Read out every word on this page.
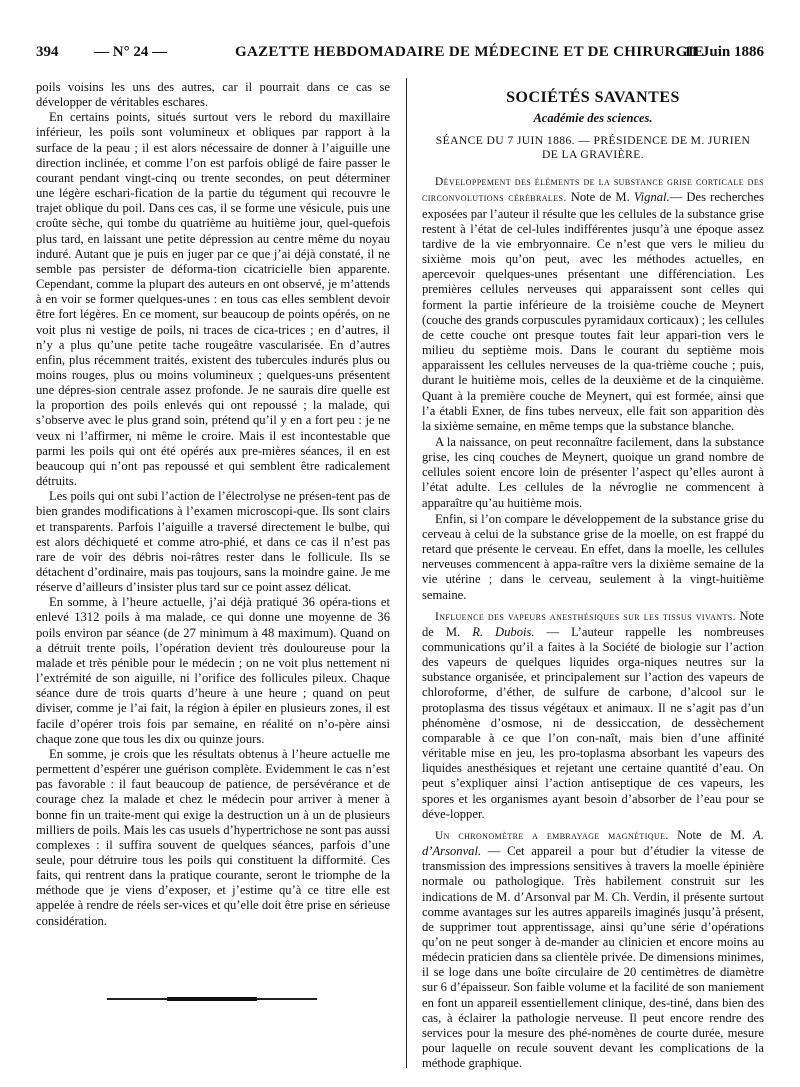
394 — N° 24 —	GAZETTE HEBDOMADAIRE DE MÉDECINE ET DE CHIRURGIE
11 Juin 1886

poils voisins les uns des autres, car il pourrait dans ce cas se développer de véritables eschares.

En certains points, situés surtout vers le rebord du maxillaire inférieur, les poils sont volumineux et obliques par rapport à la surface de la peau ; il est alors nécessaire de donner à l’aiguille une direction inclinée, et comme l’on est parfois obligé de faire passer le courant pendant vingt-cinq ou trente secondes, on peut déterminer une légère eschari-fication de la partie du tégument qui recouvre le trajet oblique du poil. Dans ces cas, il se forme une vésicule, puis une croûte sèche, qui tombe du quatrième au huitième jour, quel-quefois plus tard, en laissant une petite dépression au centre même du noyau induré. Autant que je puis en juger par ce que j’ai déjà constaté, il ne semble pas persister de déforma-tion cicatricielle bien apparente. Cependant, comme la plupart des auteurs en ont observé, je m’attends à en voir se former quelques-unes : en tous cas elles semblent devoir être fort légères. En ce moment, sur beaucoup de points opérés, on ne voit plus ni vestige de poils, ni traces de cica-trices ; en d’autres, il n’y a plus qu’une petite tache rougeâtre vascularisée. En d’autres enfin, plus récemment traités, existent des tubercules indurés plus ou moins rouges, plus ou moins volumineux ; quelques-uns présentent une dépres-sion centrale assez profonde. Je ne saurais dire quelle est la proportion des poils enlevés qui ont repoussé ; la malade, qui s’observe avec le plus grand soin, prétend qu’il y en a fort peu : je ne veux ni l’affirmer, ni même le croire. Mais il est incontestable que parmi les poils qui ont été opérés aux pre-mières séances, il en est beaucoup qui n’ont pas repoussé et qui semblent être radicalement détruits.

Les poils qui ont subi l’action de l’électrolyse ne présen-tent pas de bien grandes modifications à l’examen microscopi-que. Ils sont clairs et transparents. Parfois l’aiguille a traversé directement le bulbe, qui est alors déchiqueté et comme atro-phié, et dans ce cas il n’est pas rare de voir des débris noi-râtres rester dans le follicule. Ils se détachent d’ordinaire, mais pas toujours, sans la moindre gaine. Je me réserve d’ailleurs d’insister plus tard sur ce point assez délicat.

En somme, à l’heure actuelle, j’ai déjà pratiqué 36 opéra-tions et enlevé 1312 poils à ma malade, ce qui donne une moyenne de 36 poils environ par séance (de 27 minimum à 48 maximum). Quand on a détruit trente poils, l’opération devient très douloureuse pour la malade et très pénible pour le médecin ; on ne voit plus nettement ni l’extrémité de son aiguille, ni l’orifice des follicules pileux. Chaque séance dure de trois quarts d’heure à une heure ; quand on peut diviser, comme je l’ai fait, la région à épiler en plusieurs zones, il est facile d’opérer trois fois par semaine, en réalité on n’o-père ainsi chaque zone que tous les dix ou quinze jours.

En somme, je crois que les résultats obtenus à l’heure actuelle me permettent d’espérer une guérison complète. Evidemment le cas n’est pas favorable : il faut beaucoup de patience, de persévérance et de courage chez la malade et chez le médecin pour arriver à mener à bonne fin un traite-ment qui exige la destruction un à un de plusieurs milliers de poils. Mais les cas usuels d’hypertrichose ne sont pas aussi complexes : il suffira souvent de quelques séances, parfois d’une seule, pour détruire tous les poils qui constituent la difformité. Ces faits, qui rentrent dans la pratique courante, seront le triomphe de la méthode que je viens d’exposer, et j’estime qu’à ce titre elle est appelée à rendre de réels ser-vices et qu’elle doit être prise en sérieuse considération.

SOCIÉTÉS SAVANTES
Académie des sciences.
SÉANCE DU 7 JUIN 1886. — PRÉSIDENCE DE M. JURIEN
DE LA GRAVIÈRE.

Développement des éléments de la substance grise corticale des circonvolutions cérébrales. Note de M. Vignal.— Des recherches exposées par l’auteur il résulte que les cellules de la substance grise restent à l’état de cel-lules indifférentes jusqu’à une époque assez tardive de la vie embryonnaire. Ce n’est que vers le milieu du sixième mois qu’on peut, avec les méthodes actuelles, en apercevoir quelques-unes présentant une différenciation. Les premières cellules nerveuses qui apparaissent sont celles qui forment la partie inférieure de la troisième couche de Meynert (couche des grands corpuscules pyramidaux corticaux) ; les cellules de cette couche ont presque toutes fait leur appari-tion vers le milieu du septième mois. Dans le courant du septième mois apparaissent les cellules nerveuses de la qua-trième couche ; puis, durant le huitième mois, celles de la deuxième et de la cinquième. Quant à la première couche de Meynert, qui est formée, ainsi que l’a établi Exner, de fins tubes nerveux, elle fait son apparition dès la sixième semaine, en même temps que la substance blanche.

A la naissance, on peut reconnaître facilement, dans la substance grise, les cinq couches de Meynert, quoique un grand nombre de cellules soient encore loin de présenter l’aspect qu’elles auront à l’état adulte. Les cellules de la névroglie ne commencent à apparaître qu’au huitième mois.

Enfin, si l’on compare le développement de la substance grise du cerveau à celui de la substance grise de la moelle, on est frappé du retard que présente le cerveau. En effet, dans la moelle, les cellules nerveuses commencent à appa-raître vers la dixième semaine de la vie utérine ; dans le cerveau, seulement à la vingt-huitième semaine.

Influence des vapeurs anesthésiques sur les tissus vivants. Note de M. R. Dubois. — L’auteur rappelle les nombreuses communications qu’il a faites à la Société de biologie sur l’action des vapeurs de quelques liquides orga-niques neutres sur la substance organisée, et principalement sur l’action des vapeurs de chloroforme, d’éther, de sulfure de carbone, d’alcool sur le protoplasma des tissus végétaux et animaux. Il ne s’agit pas d’un phénomène d’osmose, ni de dessiccation, de dessèchement comparable à ce que l’on con-naît, mais bien d’une affinité véritable mise en jeu, les pro-toplasma absorbant les vapeurs des liquides anesthésiques et rejetant une certaine quantité d’eau. On peut s’expliquer ainsi l’action antiseptique de ces vapeurs, les spores et les organismes ayant besoin d’absorber de l’eau pour se déve-lopper.

Un chronomètre a embrayage magnétique. Note de M. A. d’Arsonval. — Cet appareil a pour but d’étudier la vitesse de transmission des impressions sensitives à travers la moelle épinière normale ou pathologique. Très habilement construit sur les indications de M. d’Arsonval par M. Ch. Verdin, il présente surtout comme avantages sur les autres appareils imaginés jusqu’à présent, de supprimer tout apprentissage, ainsi qu’une série d’opérations qu’on ne peut songer à de-mander au clinicien et encore moins au médecin praticien dans sa clientèle privée. De dimensions minimes, il se loge dans une boîte circulaire de 20 centimètres de diamètre sur 6 d’épaisseur. Son faible volume et la facilité de son maniement en font un appareil essentiellement clinique, des-tiné, dans bien des cas, à éclairer la pathologie nerveuse. Il peut encore rendre des services pour la mesure des phé-nomènes de courte durée, mesure pour laquelle on recule souvent devant les complications de la méthode graphique.
